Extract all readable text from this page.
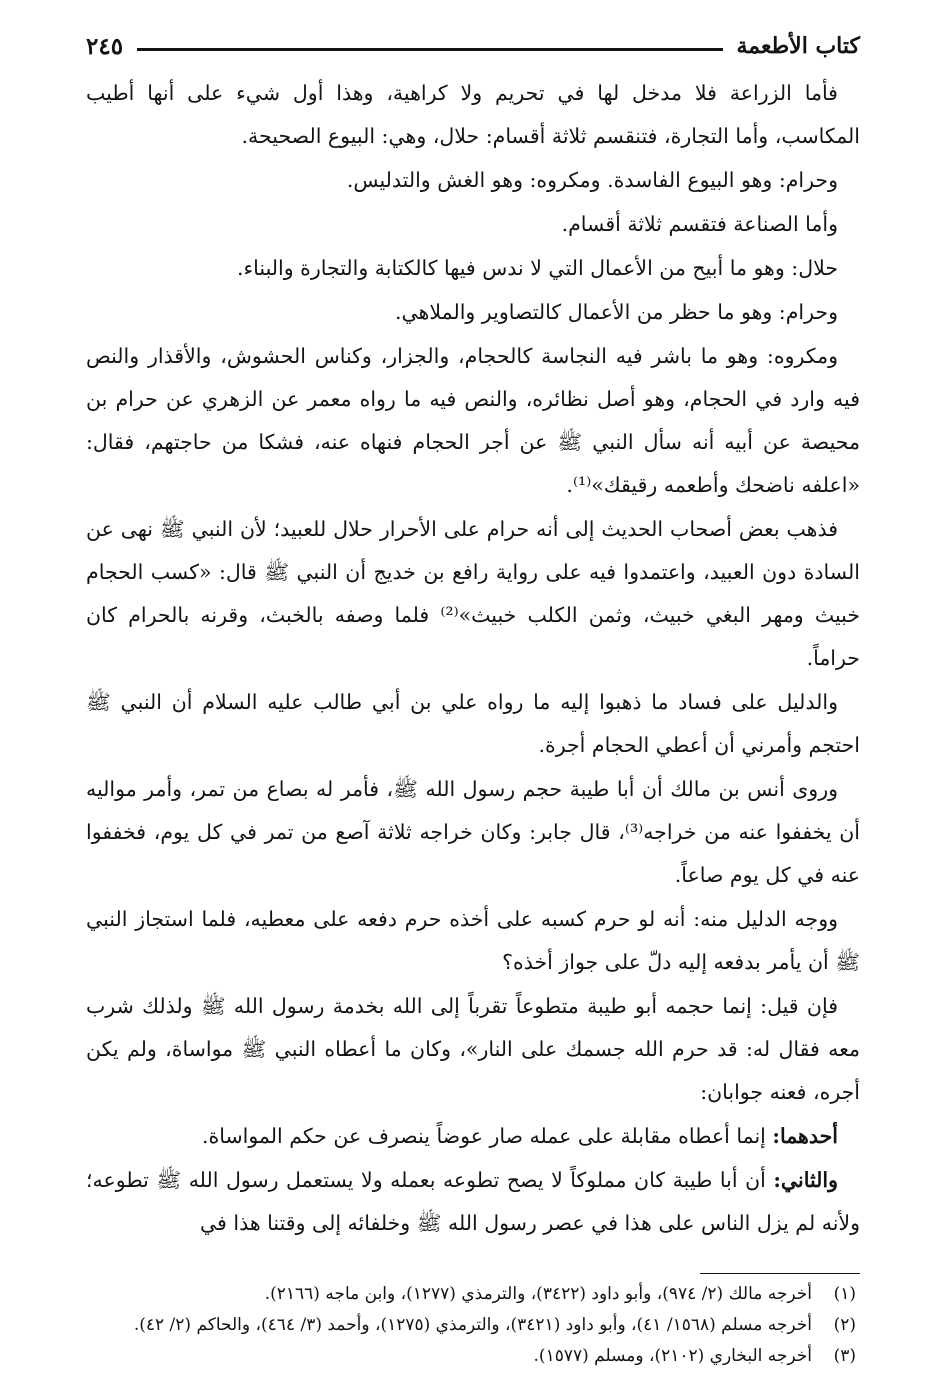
كتاب الأطعمة
٢٤٥

فأما الزراعة فلا مدخل لها في تحريم ولا كراهية، وهذا أول شيء على أنها أطيب المكاسب، وأما التجارة، فتنقسم ثلاثة أقسام: حلال، وهي: البيوع الصحيحة.

وحرام: وهو البيوع الفاسدة. ومكروه: وهو الغش والتدليس.

وأما الصناعة فتقسم ثلاثة أقسام.

حلال: وهو ما أبيح من الأعمال التي لا ندس فيها كالكتابة والتجارة والبناء.

وحرام: وهو ما حظر من الأعمال كالتصاوير والملاهي.

ومكروه: وهو ما باشر فيه النجاسة كالحجام، والجزار، وكناس الحشوش، والأقذار والنص فيه وارد في الحجام، وهو أصل نظائره، والنص فيه ما رواه معمر عن الزهري عن حرام بن محيصة عن أبيه أنه سأل النبي ﷺ عن أجر الحجام فنهاه عنه، فشكا من حاجتهم، فقال: «اعلفه ناضحك وأطعمه رقيقك»⁽¹⁾.

فذهب بعض أصحاب الحديث إلى أنه حرام على الأحرار حلال للعبيد؛ لأن النبي ﷺ نهى عن السادة دون العبيد، واعتمدوا فيه على رواية رافع بن خديج أن النبي ﷺ قال: «كسب الحجام خبيث ومهر البغي خبيث، وثمن الكلب خبيث»⁽²⁾ فلما وصفه بالخبث، وقرنه بالحرام كان حراماً.

والدليل على فساد ما ذهبوا إليه ما رواه علي بن أبي طالب عليه السلام أن النبي ﷺ احتجم وأمرني أن أعطي الحجام أجرة.

وروى أنس بن مالك أن أبا طيبة حجم رسول الله ﷺ، فأمر له بصاع من تمر، وأمر مواليه أن يخففوا عنه من خراجه⁽³⁾، قال جابر: وكان خراجه ثلاثة آصع من تمر في كل يوم، فخففوا عنه في كل يوم صاعاً.

ووجه الدليل منه: أنه لو حرم كسبه على أخذه حرم دفعه على معطيه، فلما استجاز النبي ﷺ أن يأمر بدفعه إليه دلّ على جواز أخذه؟

فإن قيل: إنما حجمه أبو طيبة متطوعاً تقرباً إلى الله بخدمة رسول الله ﷺ ولذلك شرب معه فقال له: قد حرم الله جسمك على النار»، وكان ما أعطاه النبي ﷺ مواساة، ولم يكن أجره، فعنه جوابان:

أحدهما: إنما أعطاه مقابلة على عمله صار عوضاً ينصرف عن حكم المواساة.

والثاني: أن أبا طيبة كان مملوكاً لا يصح تطوعه بعمله ولا يستعمل رسول الله ﷺ تطوعه؛ ولأنه لم يزل الناس على هذا في عصر رسول الله ﷺ وخلفائه إلى وقتنا هذا في

(١)
أخرجه مالك (٢/ ٩٧٤)، وأبو داود (٣٤٢٢)، والترمذي (١٢٧٧)، وابن ماجه (٢١٦٦).
(٢)
أخرجه مسلم (١٥٦٨/ ٤١)، وأبو داود (٣٤٢١)، والترمذي (١٢٧٥)، وأحمد (٣/ ٤٦٤)، والحاكم (٢/ ٤٢).
(٣)
أخرجه البخاري (٢١٠٢)، ومسلم (١٥٧٧).
